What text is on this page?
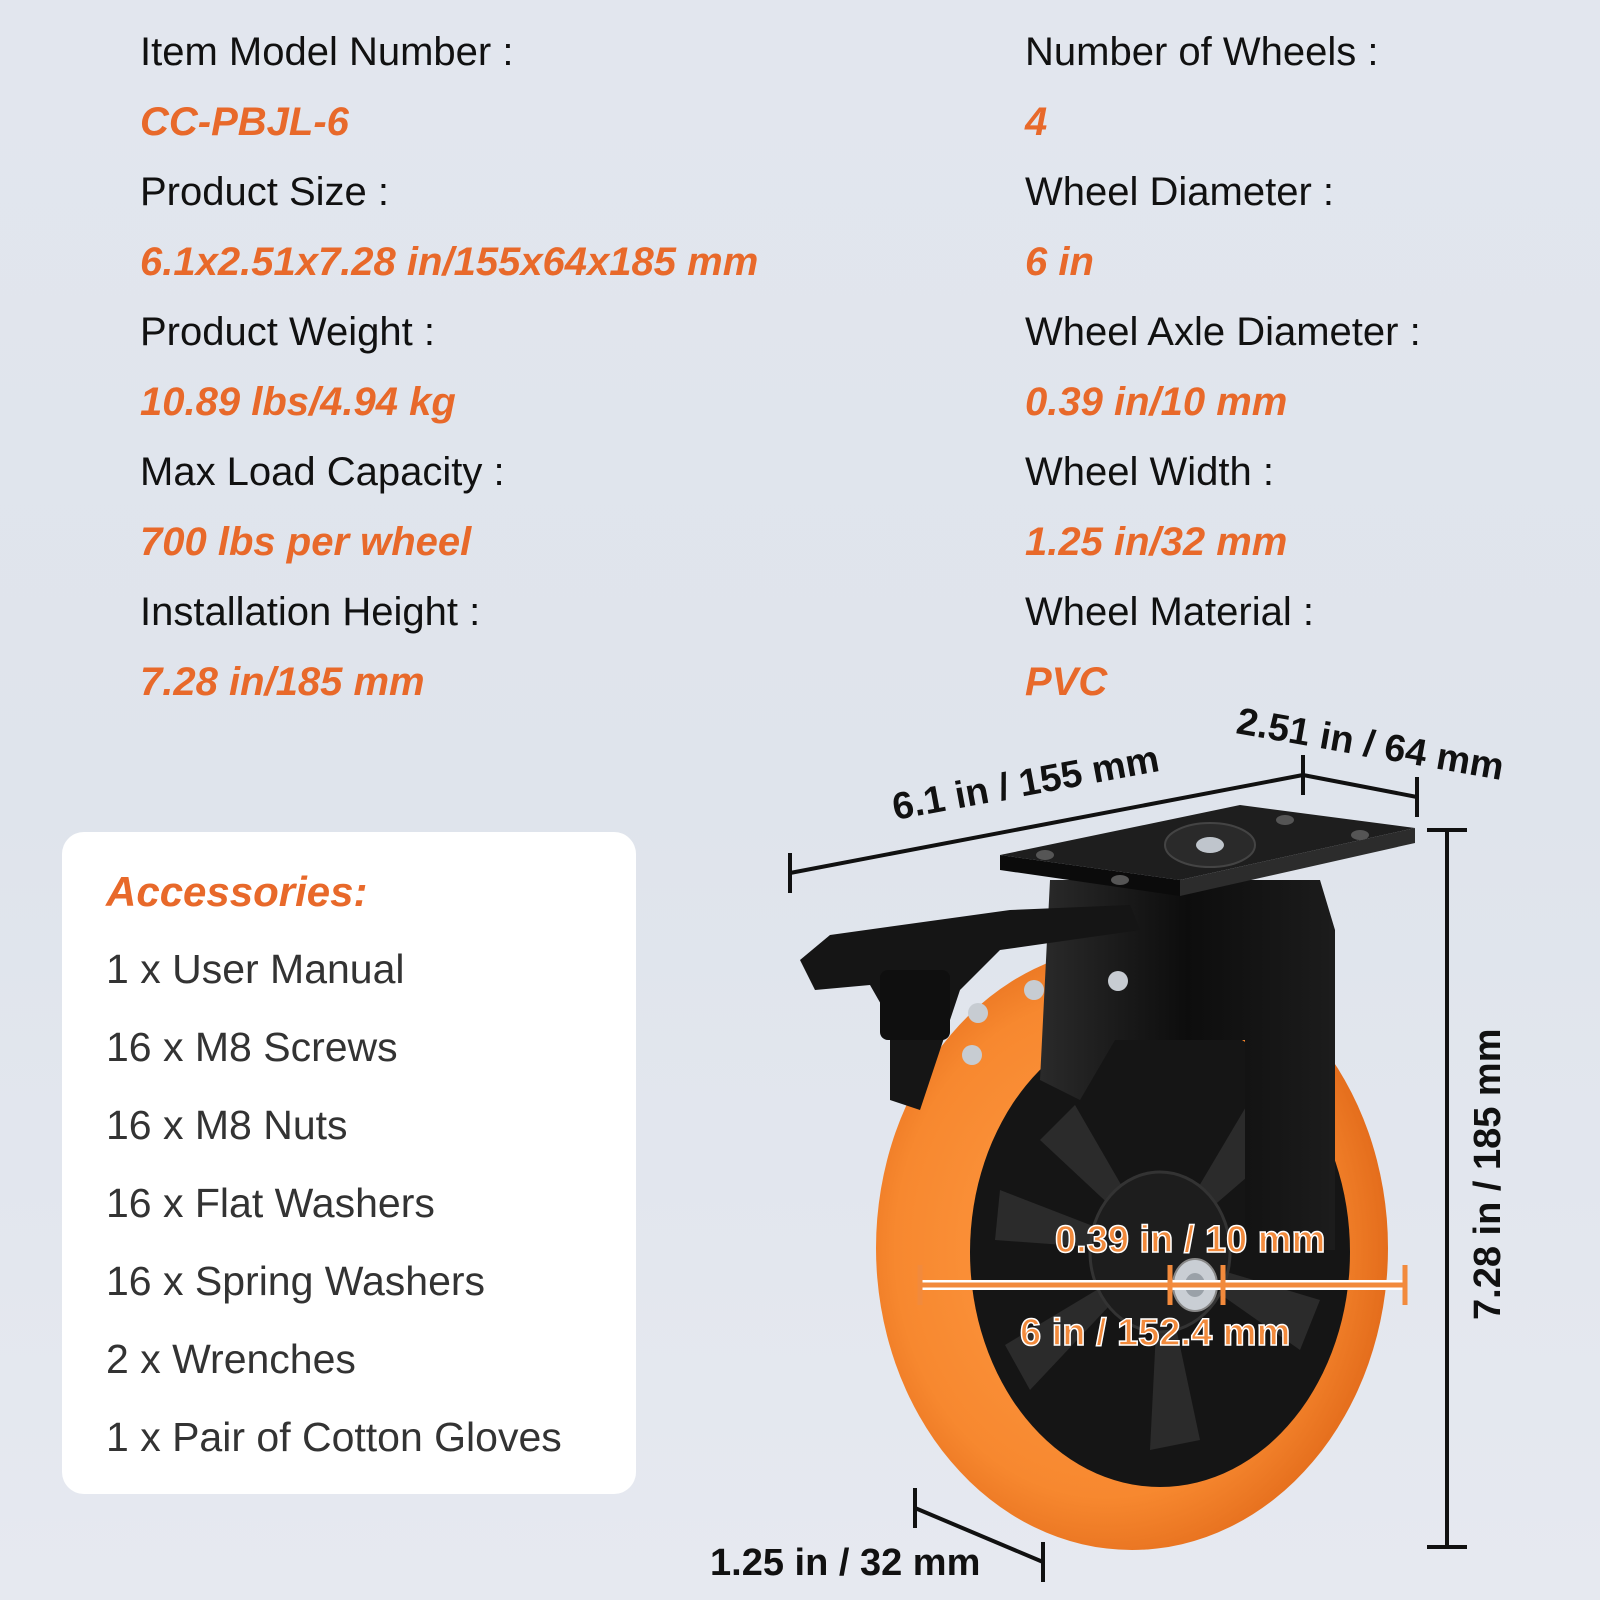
Item Model Number :
CC-PBJL-6
Product Size :
6.1x2.51x7.28 in/155x64x185 mm
Product Weight :
10.89 lbs/4.94 kg
Max Load Capacity :
700 lbs per wheel
Installation Height :
7.28 in/185 mm
Number of Wheels :
4
Wheel Diameter :
6 in
Wheel Axle Diameter :
0.39 in/10 mm
Wheel Width :
1.25 in/32 mm
Wheel Material :
PVC
Accessories:
1 x User Manual
16 x M8 Screws
16 x M8 Nuts
16 x Flat Washers
16 x Spring Washers
2 x Wrenches
1 x Pair of Cotton Gloves
6.1 in / 155 mm 2.51 in / 64 mm
7.28 in / 185 mm
1.25 in / 32 mm
0.39 in / 10 mm
6 in / 152.4 mm
